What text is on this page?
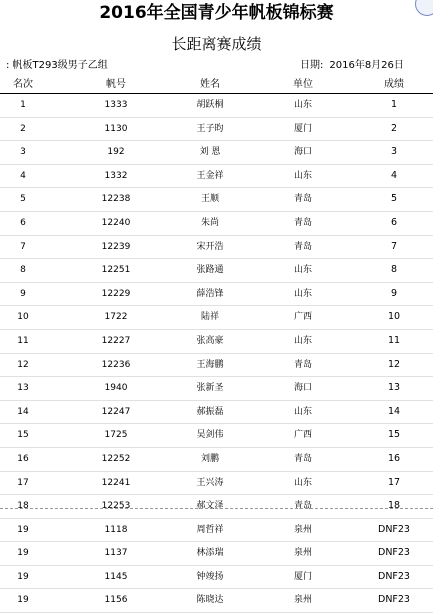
2016年全国青少年帆板锦标赛
长距离赛成绩
: 帆板T293级男子乙组	日期: 2016年8月26日
名次	帆号	姓名	单位	成绩
1	1333	胡跃桐	山东	1
2	1130	王子昀	厦门	2
3	192	刘 恩	海口	3
4	1332	王金祥	山东	4
5	12238	王顺	青岛	5
6	12240	朱尚	青岛	6
7	12239	宋开浩	青岛	7
8	12251	张路通	山东	8
9	12229	薛浩锋	山东	9
10	1722	陆祥	广西	10
11	12227	张高豪	山东	11
12	12236	王海鹏	青岛	12
13	1940	张新圣	海口	13
14	12247	郝振磊	山东	14
15	1725	吴剑伟	广西	15
16	12252	刘鹏	青岛	16
17	12241	王兴涛	山东	17
18	12253	郝文泽	青岛	18
19	1118	周哲祥	泉州	DNF23
19	1137	林添瑞	泉州	DNF23
19	1145	钟竣扬	厦门	DNF23
19	1156	陈晓达	泉州	DNF23
